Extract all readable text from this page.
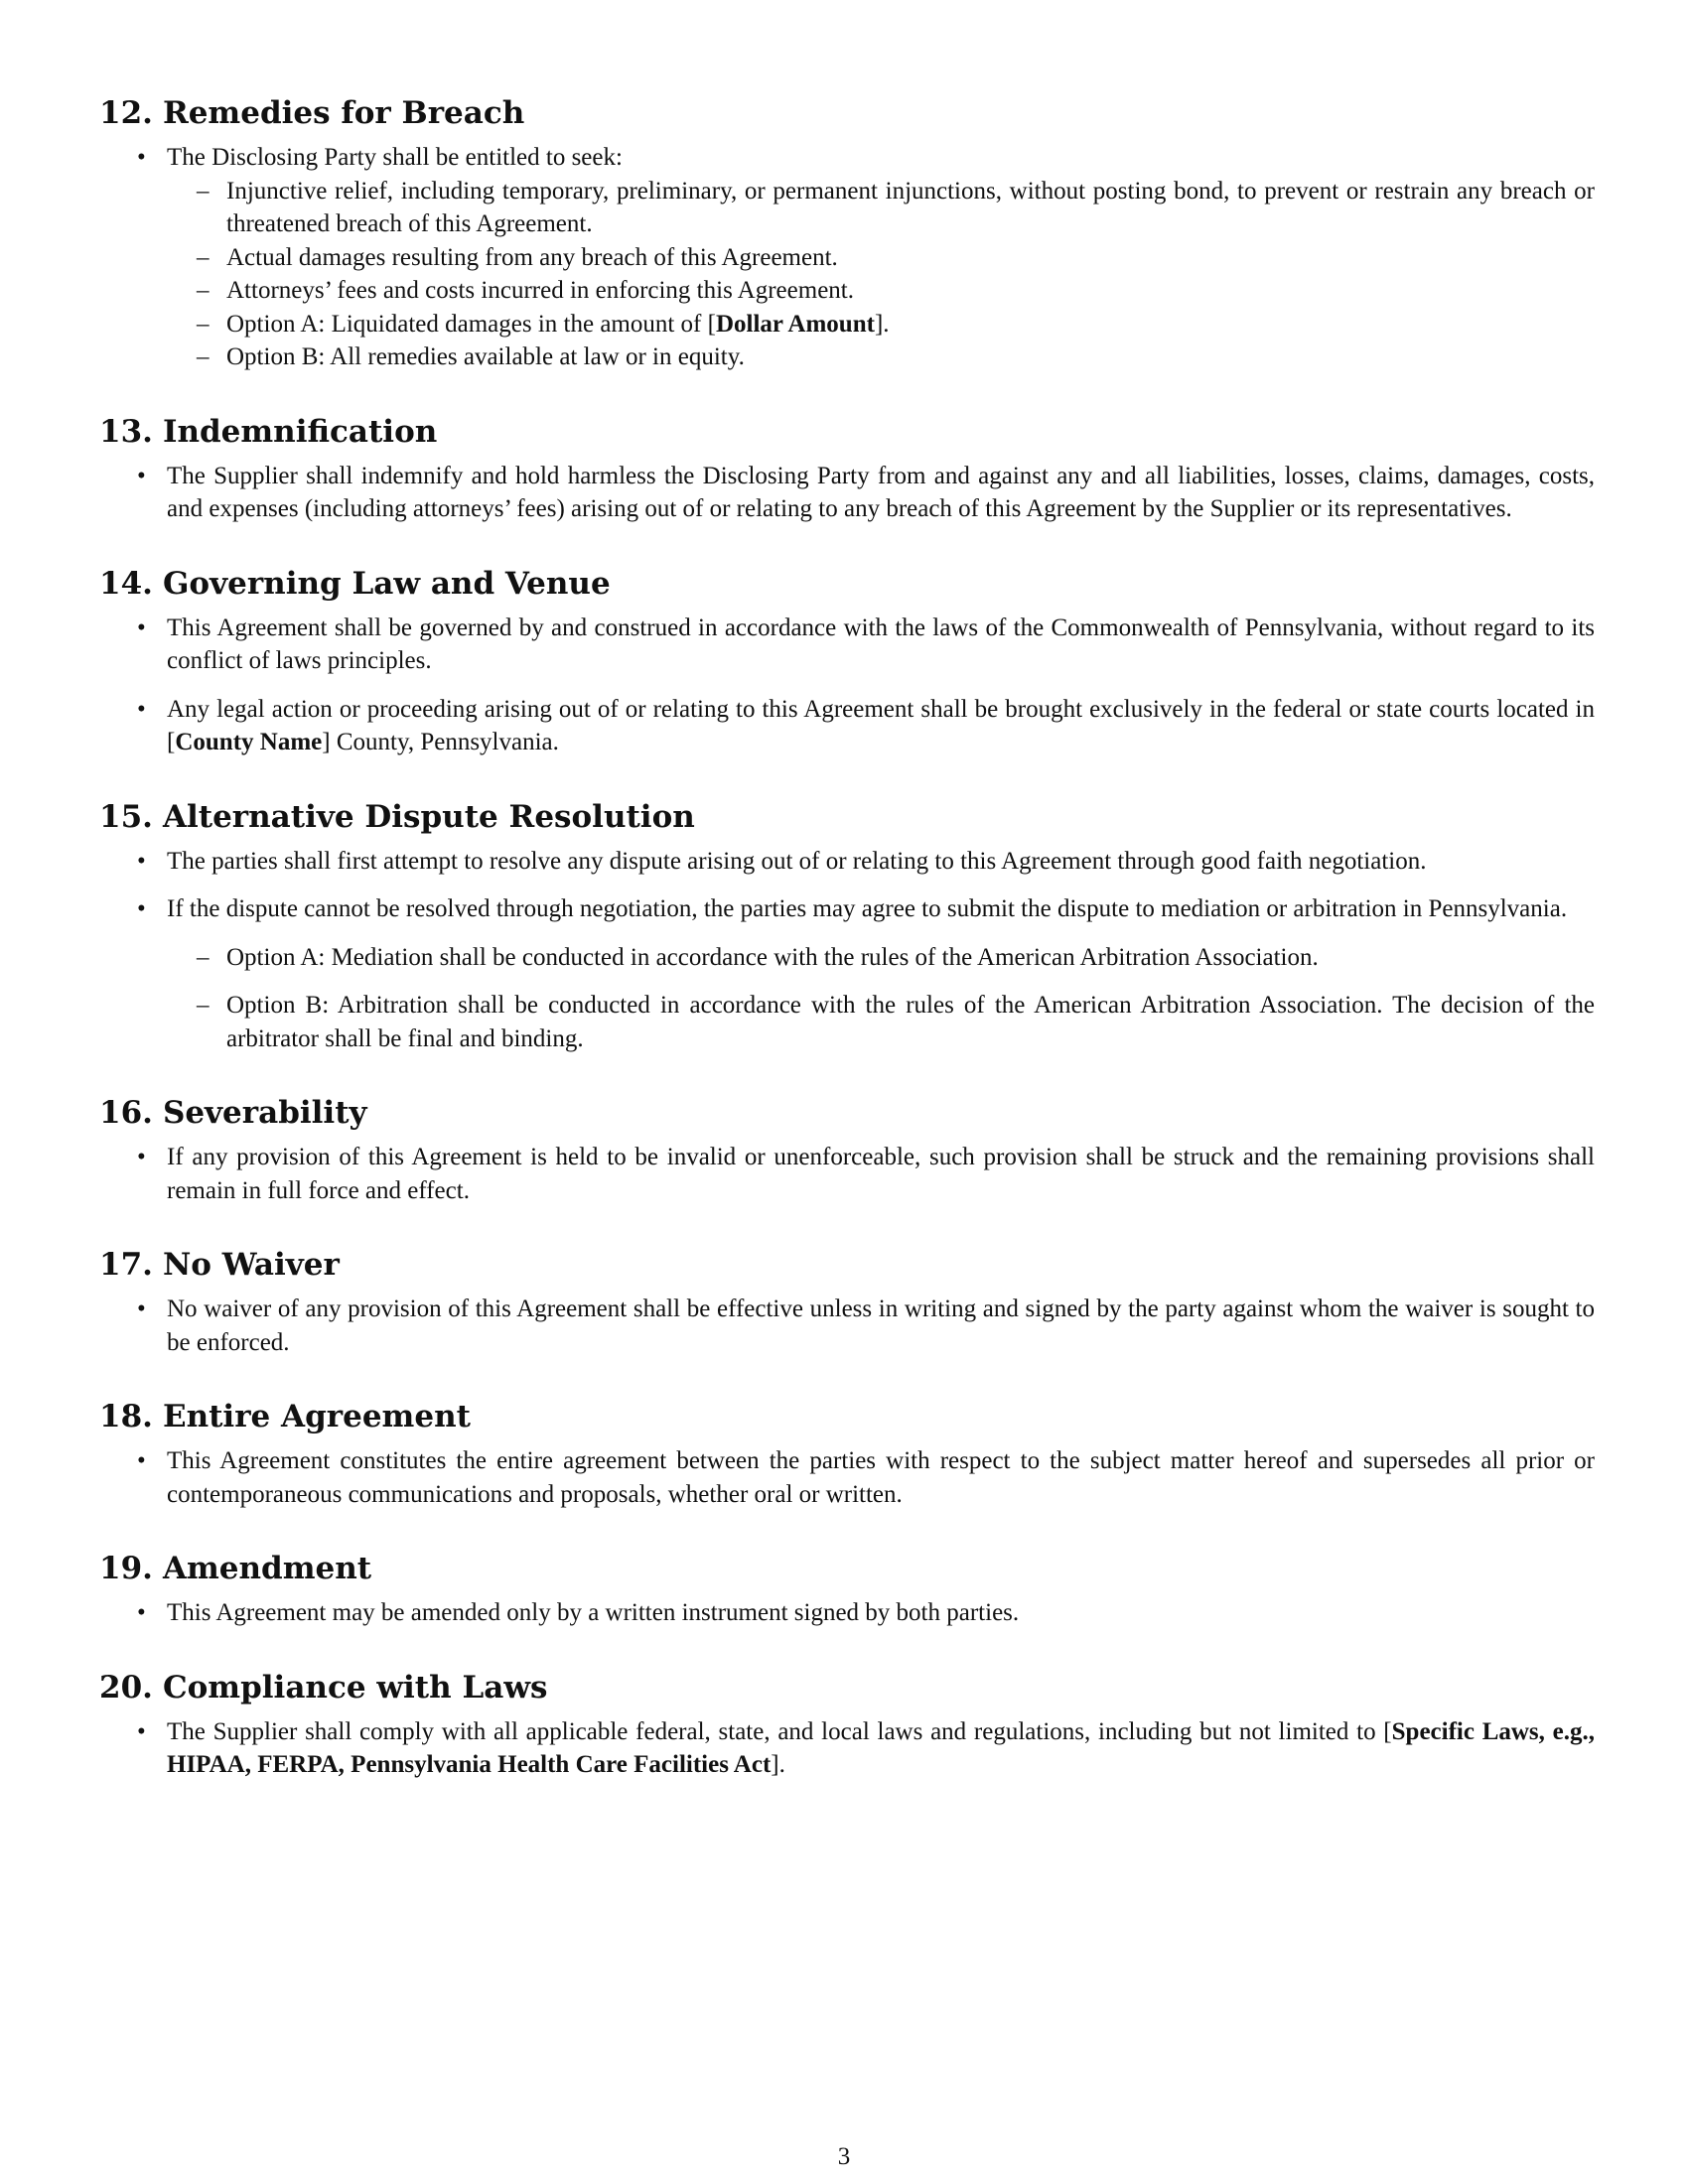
12. Remedies for Breach
• The Disclosing Party shall be entitled to seek:
– Injunctive relief, including temporary, preliminary, or permanent injunctions, without posting bond, to prevent or restrain any breach or threatened breach of this Agreement.
– Actual damages resulting from any breach of this Agreement.
– Attorneys’ fees and costs incurred in enforcing this Agreement.
– Option A: Liquidated damages in the amount of [Dollar Amount].
– Option B: All remedies available at law or in equity.
13. Indemnification
• The Supplier shall indemnify and hold harmless the Disclosing Party from and against any and all liabilities, losses, claims, damages, costs, and expenses (including attorneys’ fees) arising out of or relating to any breach of this Agreement by the Supplier or its representatives.
14. Governing Law and Venue
• This Agreement shall be governed by and construed in accordance with the laws of the Commonwealth of Pennsylvania, without regard to its conflict of laws principles.
• Any legal action or proceeding arising out of or relating to this Agreement shall be brought exclusively in the federal or state courts located in [County Name] County, Pennsylvania.
15. Alternative Dispute Resolution
• The parties shall first attempt to resolve any dispute arising out of or relating to this Agreement through good faith negotiation.
• If the dispute cannot be resolved through negotiation, the parties may agree to submit the dispute to mediation or arbitration in Pennsylvania.
– Option A: Mediation shall be conducted in accordance with the rules of the American Arbitration Association.
– Option B: Arbitration shall be conducted in accordance with the rules of the American Arbitration Association. The decision of the arbitrator shall be final and binding.
16. Severability
• If any provision of this Agreement is held to be invalid or unenforceable, such provision shall be struck and the remaining provisions shall remain in full force and effect.
17. No Waiver
• No waiver of any provision of this Agreement shall be effective unless in writing and signed by the party against whom the waiver is sought to be enforced.
18. Entire Agreement
• This Agreement constitutes the entire agreement between the parties with respect to the subject matter hereof and supersedes all prior or contemporaneous communications and proposals, whether oral or written.
19. Amendment
• This Agreement may be amended only by a written instrument signed by both parties.
20. Compliance with Laws
• The Supplier shall comply with all applicable federal, state, and local laws and regulations, including but not limited to [Specific Laws, e.g., HIPAA, FERPA, Pennsylvania Health Care Facilities Act].
3
